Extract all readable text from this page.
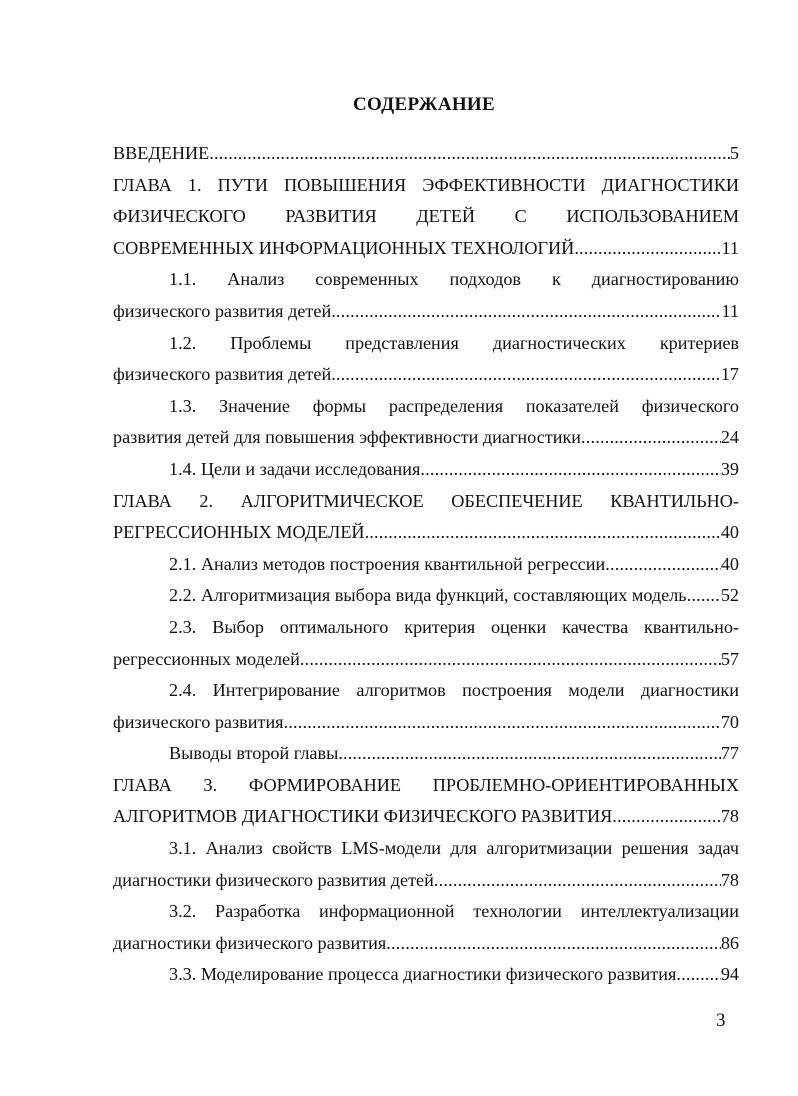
СОДЕРЖАНИЕ
ВВЕДЕНИЕ .....	5
ГЛАВА 1. ПУТИ ПОВЫШЕНИЯ ЭФФЕКТИВНОСТИ ДИАГНОСТИКИ
ФИЗИЧЕСКОГО РАЗВИТИЯ ДЕТЕЙ С ИСПОЛЬЗОВАНИЕМ
СОВРЕМЕННЫХ ИНФОРМАЦИОННЫХ ТЕХНОЛОГИЙ .....	11
1.1. Анализ современных подходов к диагностированию
физического развития детей .....	11
1.2. Проблемы представления диагностических критериев
физического развития детей .....	17
1.3. Значение формы распределения показателей физического
развития детей для повышения эффективности диагностики .....	24
1.4. Цели и задачи исследования .....	39
ГЛАВА 2. АЛГОРИТМИЧЕСКОЕ ОБЕСПЕЧЕНИЕ КВАНТИЛЬНО-
РЕГРЕССИОННЫХ МОДЕЛЕЙ .....	40
2.1. Анализ методов построения квантильной регрессии .....	40
2.2. Алгоритмизация выбора вида функций, составляющих модель ..... 52
2.3. Выбор оптимального критерия оценки качества квантильно-
регрессионных моделей .....	57
2.4. Интегрирование алгоритмов построения модели диагностики
физического развития .....	70
Выводы второй главы .....	77
ГЛАВА 3. ФОРМИРОВАНИЕ ПРОБЛЕМНО-ОРИЕНТИРОВАННЫХ
АЛГОРИТМОВ ДИАГНОСТИКИ ФИЗИЧЕСКОГО РАЗВИТИЯ .....	78
3.1. Анализ свойств LMS-модели для алгоритмизации решения задач
диагностики физического развития детей .....	78
3.2. Разработка информационной технологии интеллектуализации
диагностики физического развития .....	86
3.3. Моделирование процесса диагностики физического развития ..... 94
3
